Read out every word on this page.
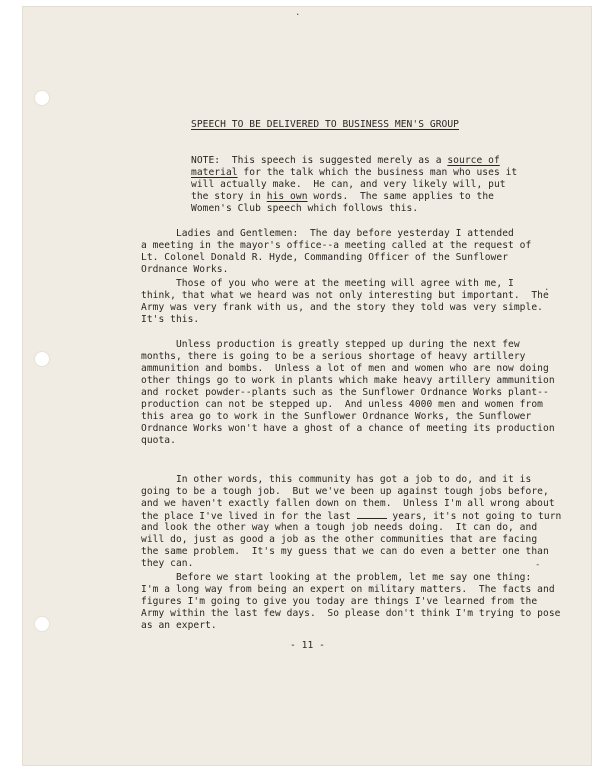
.
.
-
SPEECH TO BE DELIVERED TO BUSINESS MEN'S GROUP
NOTE:  This speech is suggested merely as a source of
material for the talk which the business man who uses it
will actually make.  He can, and very likely will, put
the story in his own words.  The same applies to the
Women's Club speech which follows this.
Ladies and Gentlemen:  The day before yesterday I attended
a meeting in the mayor's office--a meeting called at the request of
Lt. Colonel Donald R. Hyde, Commanding Officer of the Sunflower
Ordnance Works.
Those of you who were at the meeting will agree with me, I
think, that what we heard was not only interesting but important.  The
Army was very frank with us, and the story they told was very simple.
It's this.
Unless production is greatly stepped up during the next few
months, there is going to be a serious shortage of heavy artillery
ammunition and bombs.  Unless a lot of men and women who are now doing
other things go to work in plants which make heavy artillery ammunition
and rocket powder--plants such as the Sunflower Ordnance Works plant--
production can not be stepped up.  And unless 4000 men and women from
this area go to work in the Sunflower Ordnance Works, the Sunflower
Ordnance Works won't have a ghost of a chance of meeting its production
quota.
In other words, this community has got a job to do, and it is
going to be a tough job.  But we've been up against tough jobs before,
and we haven't exactly fallen down on them.  Unless I'm all wrong about
the place I've lived in for the last	years, it's not going to turn
and look the other way when a tough job needs doing.  It can do, and
will do, just as good a job as the other communities that are facing
the same problem.  It's my guess that we can do even a better one than
they can.
Before we start looking at the problem, let me say one thing:
I'm a long way from being an expert on military matters.  The facts and
figures I'm going to give you today are things I've learned from the
Army within the last few days.  So please don't think I'm trying to pose
as an expert.
- 11 -
